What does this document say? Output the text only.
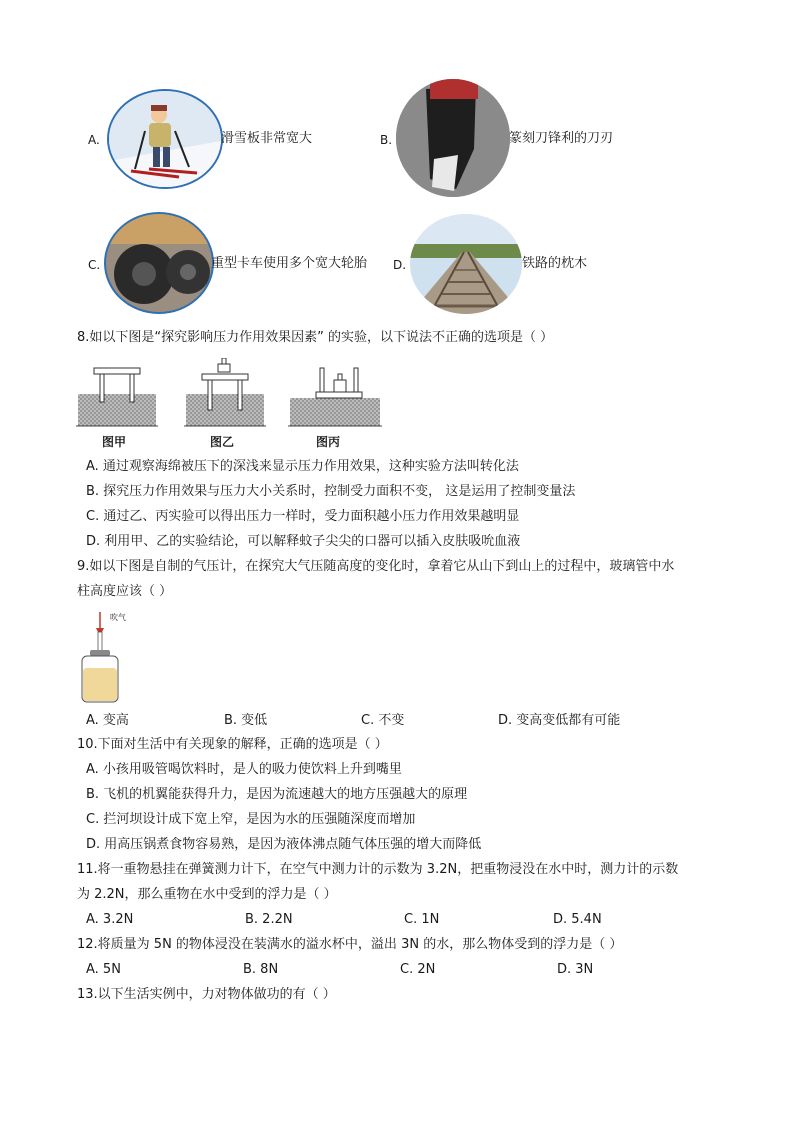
A.	滑雪板非常宽大	B.	篆刻刀锋利的刀刃
C.	重型卡车使用多个宽大轮胎 D.	铁路的枕木
8.如以下图是“探究影响压力作用效果因素” 的实验，以下说法不正确的选项是（ ）
图甲	图乙	图丙
A. 通过观察海绵被压下的深浅来显示压力作用效果，这种实验方法叫转化法
B. 探究压力作用效果与压力大小关系时，控制受力面积不变， 这是运用了控制变量法
C. 通过乙、丙实验可以得出压力一样时，受力面积越小压力作用效果越明显
D. 利用甲、乙的实验结论，可以解释蚊子尖尖的口器可以插入皮肤吸吮血液
9.如以下图是自制的气压计，在探究大气压随高度的变化时，拿着它从山下到山上的过程中，玻璃管中水
柱高度应该（ ）
吹气
A. 变高	B. 变低	C. 不变	D. 变高变低都有可能
10.下面对生活中有关现象的解释，正确的选项是（ ）
A. 小孩用吸管喝饮料时，是人的吸力使饮料上升到嘴里
B. 飞机的机翼能获得升力，是因为流速越大的地方压强越大的原理
C. 拦河坝设计成下宽上窄，是因为水的压强随深度而增加
D. 用高压锅煮食物容易熟，是因为液体沸点随气体压强的增大而降低
11.将一重物悬挂在弹簧测力计下，在空气中测力计的示数为 3.2N，把重物浸没在水中时，测力计的示数
为 2.2N，那么重物在水中受到的浮力是（ ）
A. 3.2N	B. 2.2N	C. 1N	D. 5.4N
12.将质量为 5N 的物体浸没在装满水的溢水杯中，溢出 3N 的水，那么物体受到的浮力是（ ）
A. 5N	B. 8N	C. 2N	D. 3N
13.以下生活实例中，力对物体做功的有（ ）
